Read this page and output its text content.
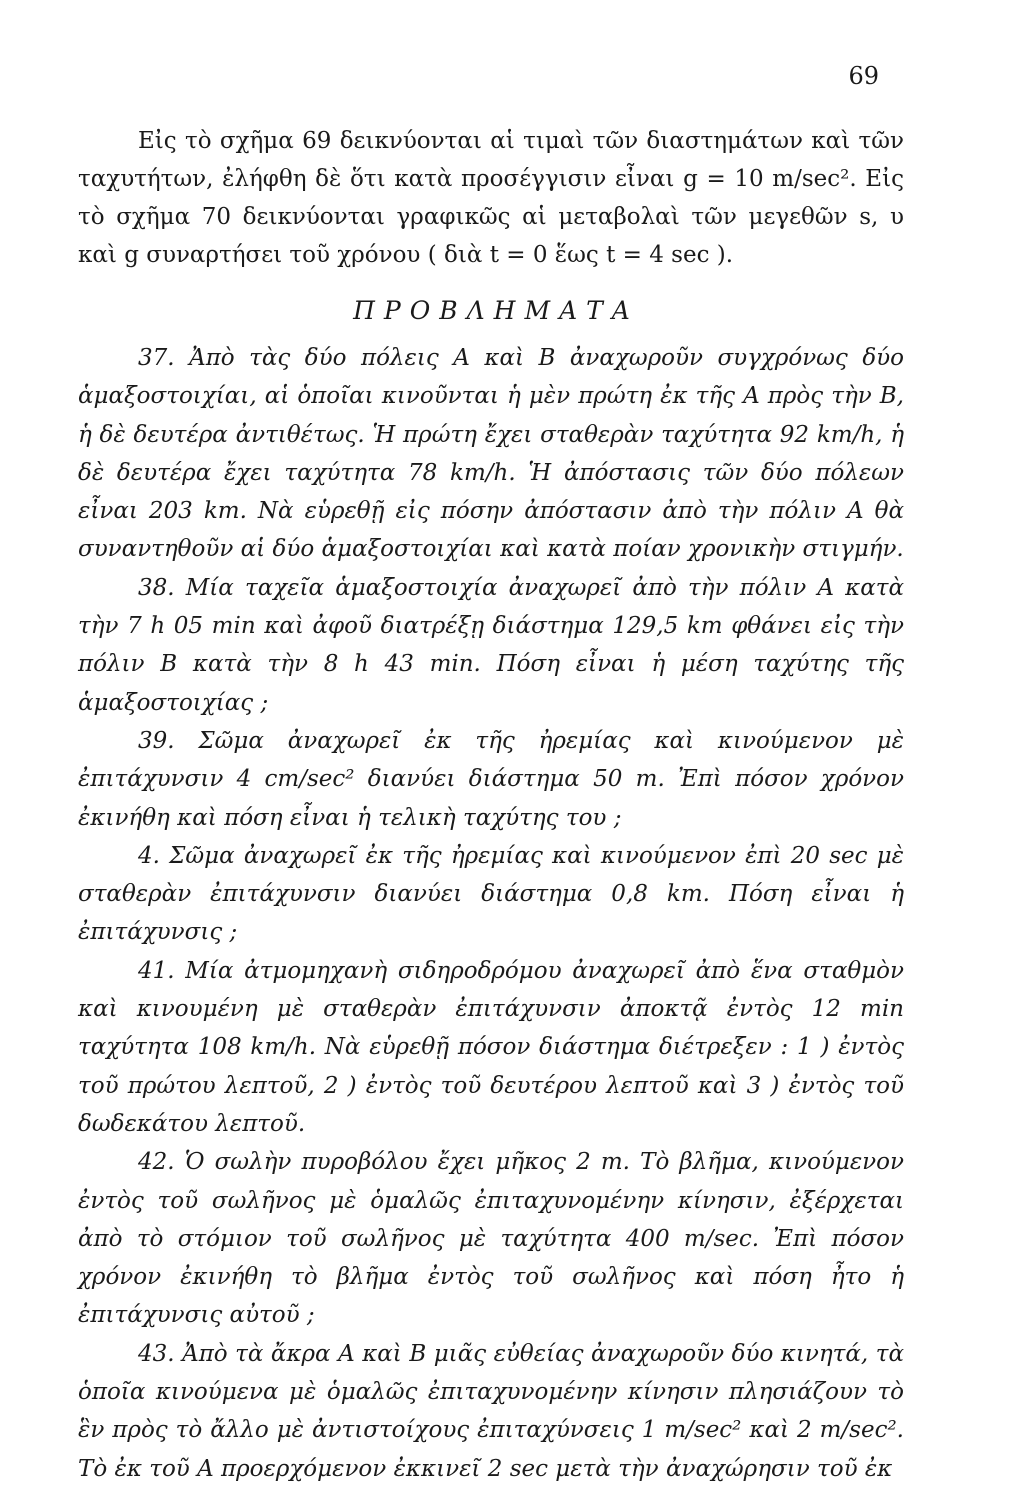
69

Εἰς τὸ σχῆμα 69 δεικνύονται αἱ τιμαὶ τῶν διαστημάτων καὶ τῶν ταχυτήτων, ἐλήφθη δὲ ὅτι κατὰ προσέγγισιν εἶναι g = 10 m/sec². Εἰς τὸ σχῆμα 70 δεικνύονται γραφικῶς αἱ μεταβολαὶ τῶν μεγεθῶν s, υ καὶ g συναρτήσει τοῦ χρόνου ( διὰ t = 0 ἕως t = 4 sec ).

ΠΡΟΒΛΗΜΑΤΑ

37. Ἀπὸ τὰς δύο πόλεις Α καὶ Β ἀναχωροῦν συγχρόνως δύο ἁμαξοστοιχίαι, αἱ ὁποῖαι κινοῦνται ἡ μὲν πρώτη ἐκ τῆς Α πρὸς τὴν Β, ἡ δὲ δευτέρα ἀντιθέτως. Ἡ πρώτη ἔχει σταθερὰν ταχύτητα 92 km/h, ἡ δὲ δευτέρα ἔχει ταχύτητα 78 km/h. Ἡ ἀπόστασις τῶν δύο πόλεων εἶναι 203 km. Νὰ εὑρεθῇ εἰς πόσην ἀπόστασιν ἀπὸ τὴν πόλιν Α θὰ συναντηθοῦν αἱ δύο ἁμαξοστοιχίαι καὶ κατὰ ποίαν χρονικὴν στιγμήν.

38. Μία ταχεῖα ἁμαξοστοιχία ἀναχωρεῖ ἀπὸ τὴν πόλιν Α κατὰ τὴν 7 h 05 min καὶ ἀφοῦ διατρέξῃ διάστημα 129,5 km φθάνει εἰς τὴν πόλιν Β κατὰ τὴν 8 h 43 min. Πόση εἶναι ἡ μέση ταχύτης τῆς ἁμαξοστοιχίας ;

39. Σῶμα ἀναχωρεῖ ἐκ τῆς ἠρεμίας καὶ κινούμενον μὲ ἐπιτάχυνσιν 4 cm/sec² διανύει διάστημα 50 m. Ἐπὶ πόσον χρόνον ἐκινήθη καὶ πόση εἶναι ἡ τελικὴ ταχύτης του ;

4. Σῶμα ἀναχωρεῖ ἐκ τῆς ἠρεμίας καὶ κινούμενον ἐπὶ 20 sec μὲ σταθερὰν ἐπιτάχυνσιν διανύει διάστημα 0,8 km. Πόση εἶναι ἡ ἐπιτάχυνσις ;

41. Μία ἀτμομηχανὴ σιδηροδρόμου ἀναχωρεῖ ἀπὸ ἕνα σταθμὸν καὶ κινουμένη μὲ σταθερὰν ἐπιτάχυνσιν ἀποκτᾷ ἐντὸς 12 min ταχύτητα 108 km/h. Νὰ εὑρεθῇ πόσον διάστημα διέτρεξεν : 1 ) ἐντὸς τοῦ πρώτου λεπτοῦ, 2 ) ἐντὸς τοῦ δευτέρου λεπτοῦ καὶ 3 ) ἐντὸς τοῦ δωδεκάτου λεπτοῦ.

42. Ὁ σωλὴν πυροβόλου ἔχει μῆκος 2 m. Τὸ βλῆμα, κινούμενον ἐντὸς τοῦ σωλῆνος μὲ ὁμαλῶς ἐπιταχυνομένην κίνησιν, ἐξέρχεται ἀπὸ τὸ στόμιον τοῦ σωλῆνος μὲ ταχύτητα 400 m/sec. Ἐπὶ πόσον χρόνον ἐκινήθη τὸ βλῆμα ἐντὸς τοῦ σωλῆνος καὶ πόση ἦτο ἡ ἐπιτάχυνσις αὐτοῦ ;

43. Ἀπὸ τὰ ἄκρα Α καὶ Β μιᾶς εὐθείας ἀναχωροῦν δύο κινητά, τὰ ὁποῖα κινούμενα μὲ ὁμαλῶς ἐπιταχυνομένην κίνησιν πλησιάζουν τὸ ἓν πρὸς τὸ ἄλλο μὲ ἀντιστοίχους ἐπιταχύνσεις 1 m/sec² καὶ 2 m/sec². Τὸ ἐκ τοῦ Α προερχόμενον ἐκκινεῖ 2 sec μετὰ τὴν ἀναχώρησιν τοῦ ἐκ
